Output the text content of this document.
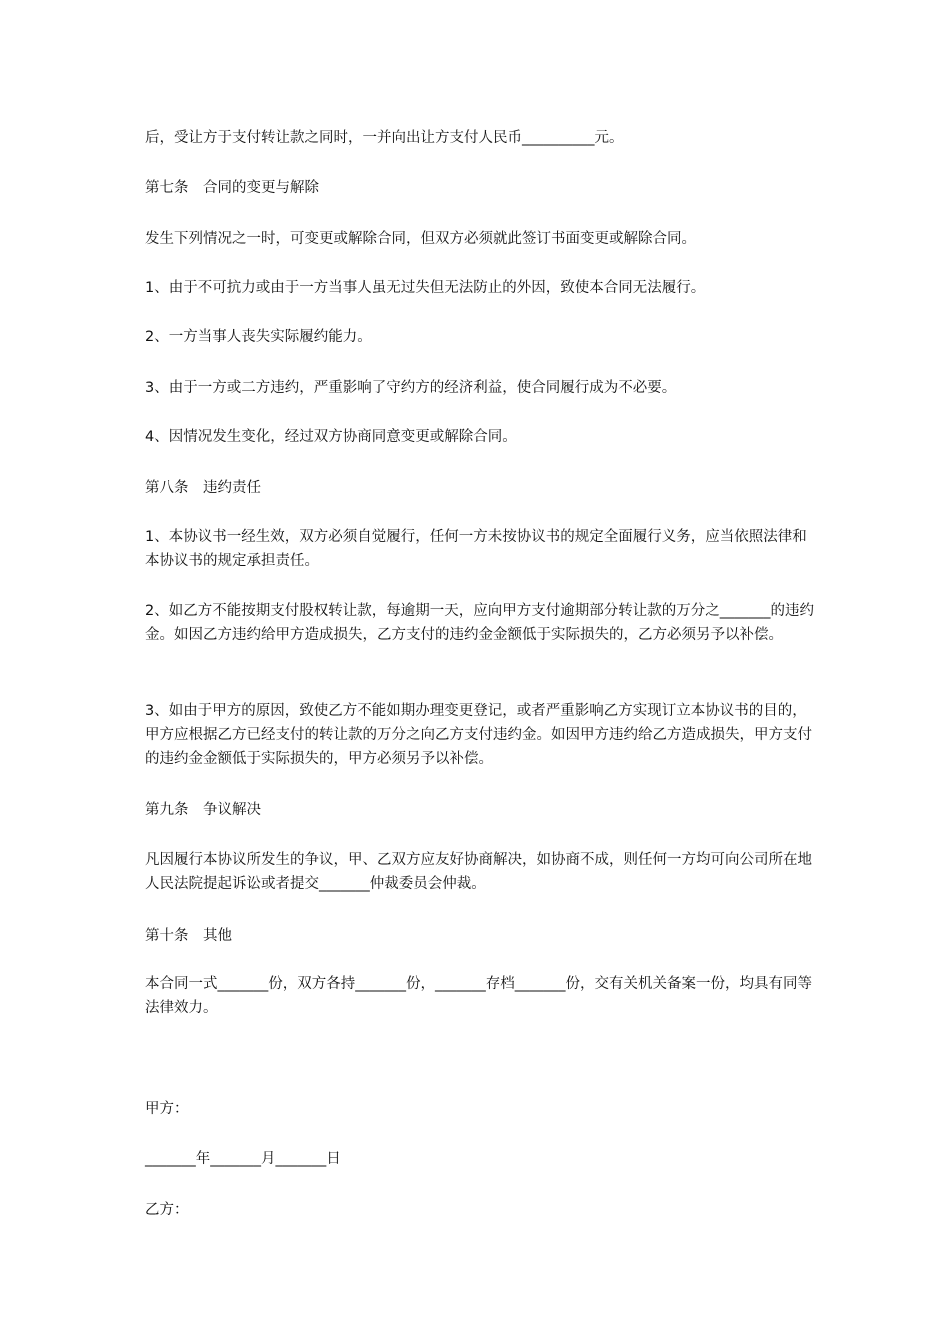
后，受让方于支付转让款之同时，一并向出让方支付人民币__________元。

第七条　合同的变更与解除

发生下列情况之一时，可变更或解除合同，但双方必须就此签订书面变更或解除合同。

1、由于不可抗力或由于一方当事人虽无过失但无法防止的外因，致使本合同无法履行。

2、一方当事人丧失实际履约能力。

3、由于一方或二方违约，严重影响了守约方的经济利益，使合同履行成为不必要。

4、因情况发生变化，经过双方协商同意变更或解除合同。

第八条　违约责任

1、本协议书一经生效，双方必须自觉履行，任何一方未按协议书的规定全面履行义务，应当依照法律和本协议书的规定承担责任。

2、如乙方不能按期支付股权转让款，每逾期一天，应向甲方支付逾期部分转让款的万分之_______的违约金。如因乙方违约给甲方造成损失，乙方支付的违约金金额低于实际损失的，乙方必须另予以补偿。

3、如由于甲方的原因，致使乙方不能如期办理变更登记，或者严重影响乙方实现订立本协议书的目的，甲方应根据乙方已经支付的转让款的万分之向乙方支付违约金。如因甲方违约给乙方造成损失，甲方支付的违约金金额低于实际损失的，甲方必须另予以补偿。

第九条　争议解决

凡因履行本协议所发生的争议，甲、乙双方应友好协商解决，如协商不成，则任何一方均可向公司所在地人民法院提起诉讼或者提交_______仲裁委员会仲裁。

第十条　其他

本合同一式_______份，双方各持_______份，_______存档_______份，交有关机关备案一份，均具有同等法律效力。

甲方：

_______年_______月_______日

乙方：
